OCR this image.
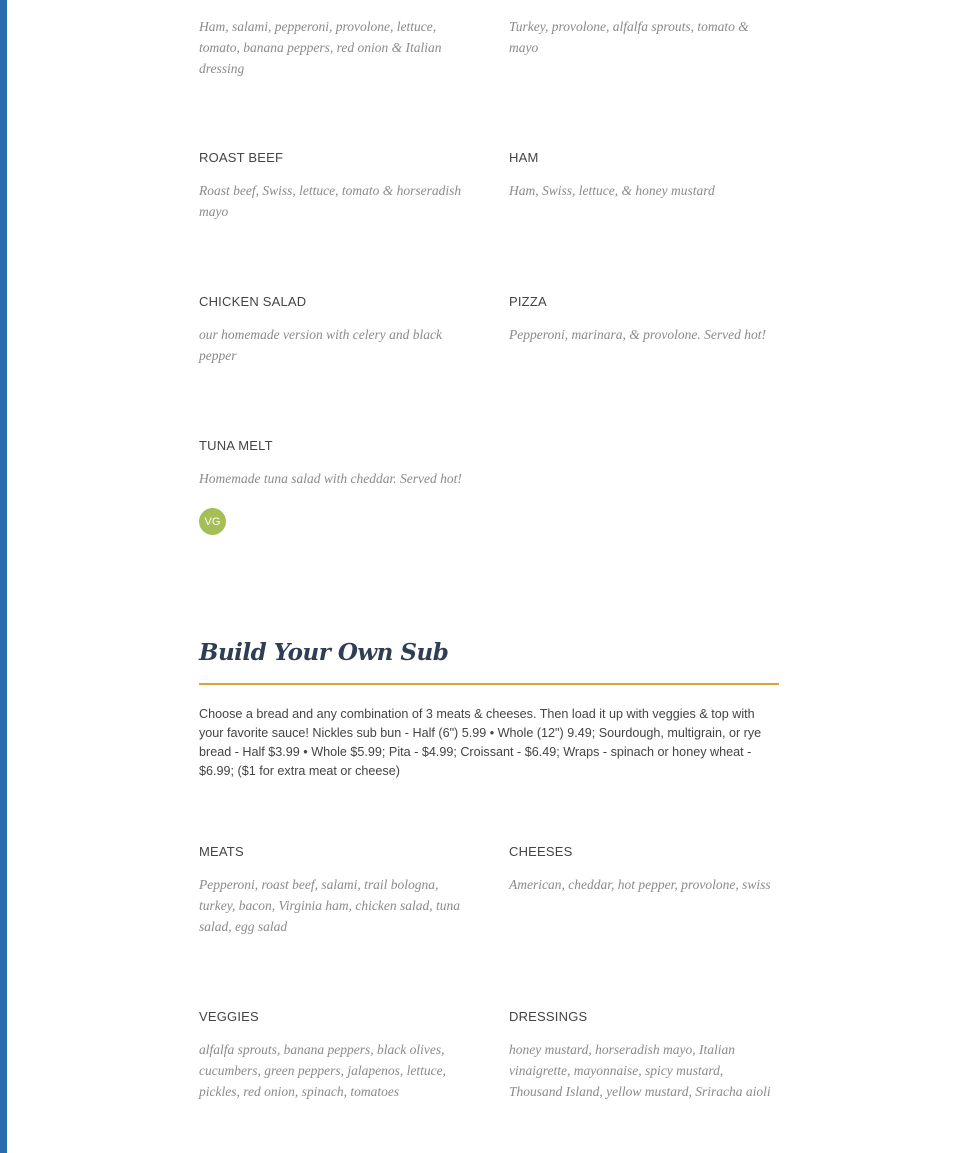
Ham, salami, pepperoni, provolone, lettuce, tomato, banana peppers, red onion & Italian dressing

Turkey, provolone, alfalfa sprouts, tomato & mayo

ROAST BEEF

Roast beef, Swiss, lettuce, tomato & horseradish mayo

HAM

Ham, Swiss, lettuce, & honey mustard

CHICKEN SALAD

our homemade version with celery and black pepper

PIZZA

Pepperoni, marinara, & provolone. Served hot!

TUNA MELT

Homemade tuna salad with cheddar. Served hot!

VG
Build Your Own Sub
Choose a bread and any combination of 3 meats & cheeses. Then load it up with veggies & top with your favorite sauce! Nickles sub bun - Half (6") 5.99 • Whole (12") 9.49; Sourdough, multigrain, or rye bread - Half $3.99 • Whole $5.99; Pita - $4.99; Croissant - $6.49; Wraps - spinach or honey wheat - $6.99; ($1 for extra meat or cheese)
MEATS

Pepperoni, roast beef, salami, trail bologna, turkey, bacon, Virginia ham, chicken salad, tuna salad, egg salad

CHEESES

American, cheddar, hot pepper, provolone, swiss

VEGGIES

alfalfa sprouts, banana peppers, black olives, cucumbers, green peppers, jalapenos, lettuce, pickles, red onion, spinach, tomatoes

DRESSINGS

honey mustard, horseradish mayo, Italian vinaigrette, mayonnaise, spicy mustard, Thousand Island, yellow mustard, Sriracha aioli
